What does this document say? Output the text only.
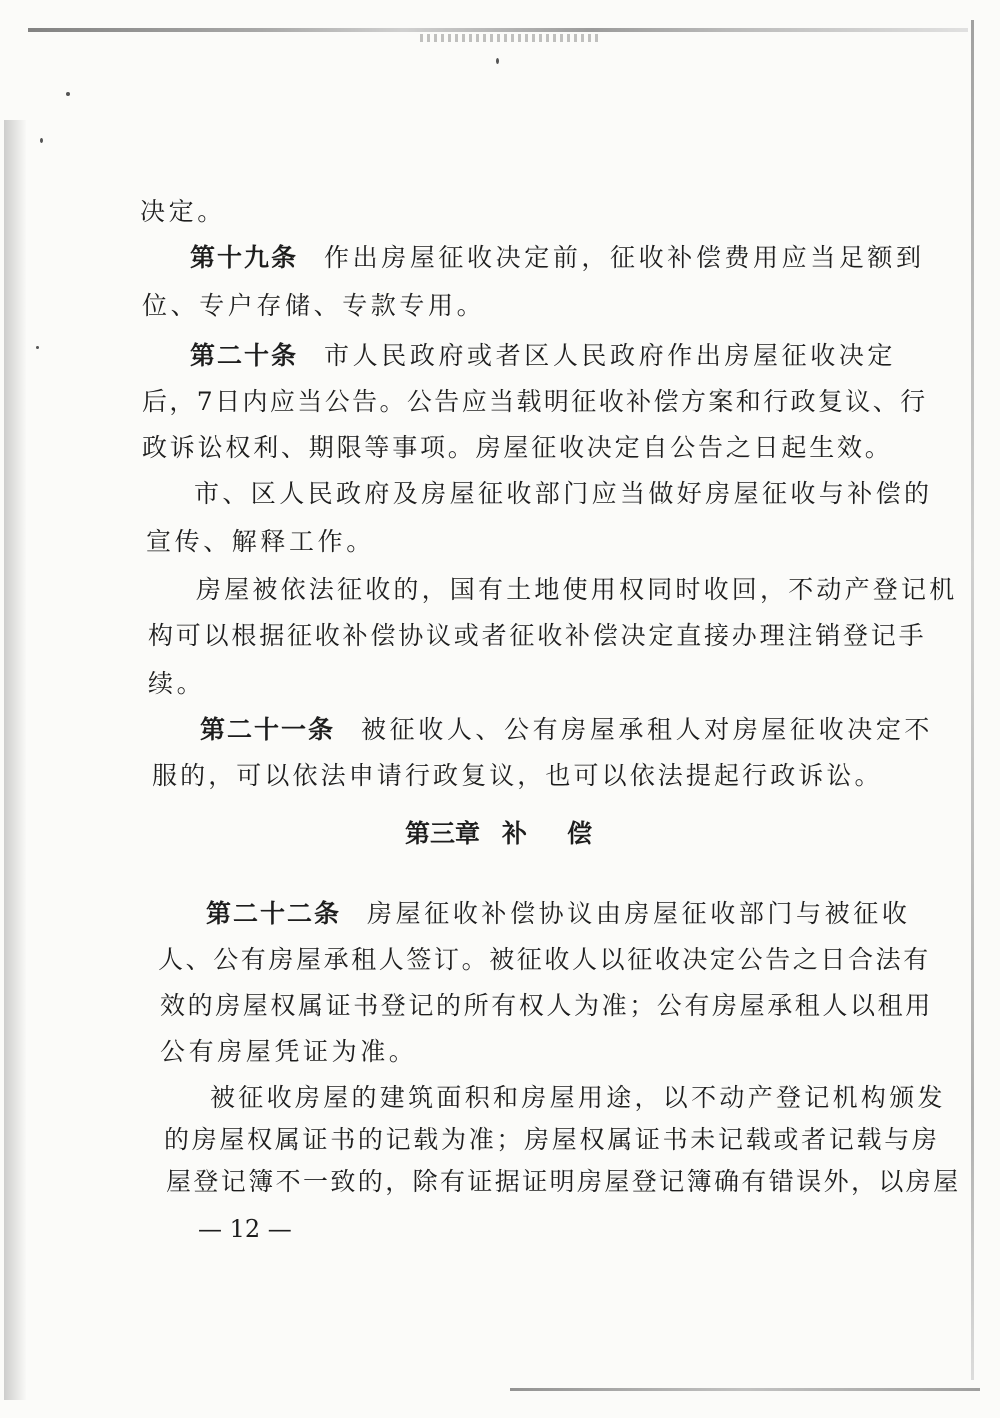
决定。
第十九条 作出房屋征收决定前，征收补偿费用应当足额到
位、专户存储、专款专用。
第二十条 市人民政府或者区人民政府作出房屋征收决定
后，7日内应当公告。公告应当载明征收补偿方案和行政复议、行
政诉讼权利、期限等事项。房屋征收决定自公告之日起生效。
市、区人民政府及房屋征收部门应当做好房屋征收与补偿的
宣传、解释工作。
房屋被依法征收的，国有土地使用权同时收回，不动产登记机
构可以根据征收补偿协议或者征收补偿决定直接办理注销登记手
续。
第二十一条 被征收人、公有房屋承租人对房屋征收决定不
服的，可以依法申请行政复议，也可以依法提起行政诉讼。
第三章 补偿
第二十二条 房屋征收补偿协议由房屋征收部门与被征收
人、公有房屋承租人签订。被征收人以征收决定公告之日合法有
效的房屋权属证书登记的所有权人为准；公有房屋承租人以租用
公有房屋凭证为准。
被征收房屋的建筑面积和房屋用途，以不动产登记机构颁发
的房屋权属证书的记载为准；房屋权属证书未记载或者记载与房
屋登记簿不一致的，除有证据证明房屋登记簿确有错误外，以房屋
— 12 —
